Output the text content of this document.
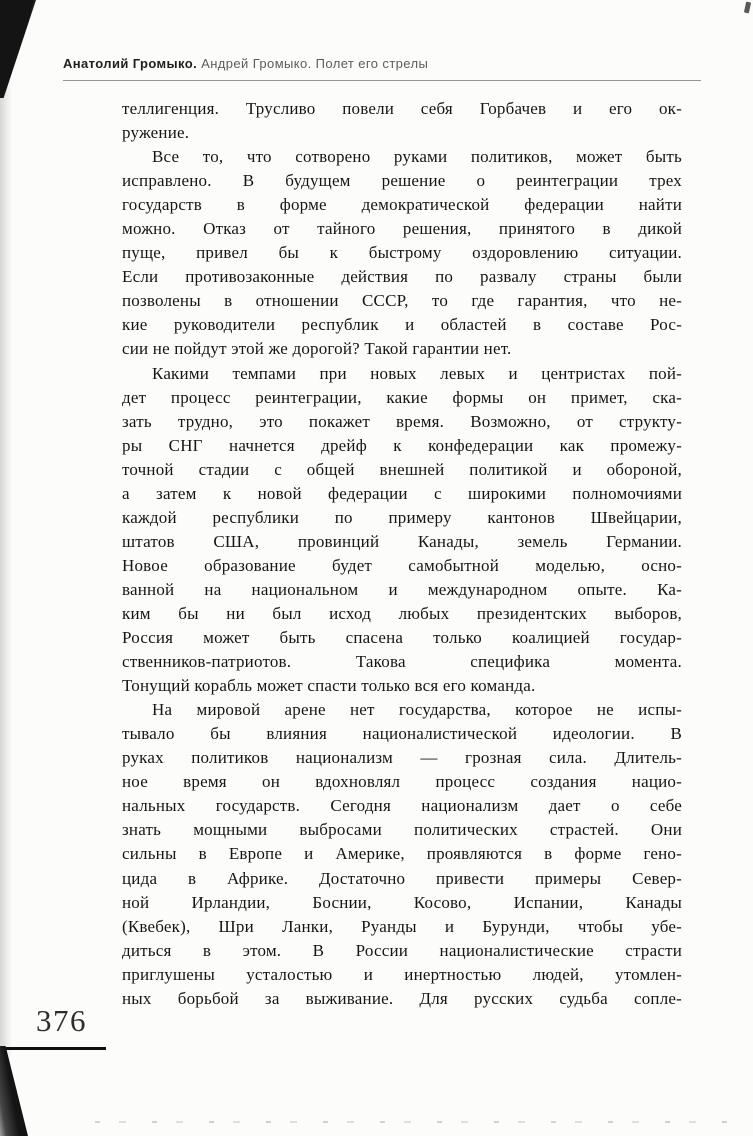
Анатолий Громыко. Андрей Громыко. Полет его стрелы
теллигенция. Трусливо повели себя Горбачев и его ок-
ружение.
Все то, что сотворено руками политиков, может быть
исправлено. В будущем решение о реинтеграции трех
государств в форме демократической федерации найти
можно. Отказ от тайного решения, принятого в дикой
пуще, привел бы к быстрому оздоровлению ситуации.
Если противозаконные действия по развалу страны были
позволены в отношении СССР, то где гарантия, что не-
кие руководители республик и областей в составе Рос-
сии не пойдут этой же дорогой? Такой гарантии нет.
Какими темпами при новых левых и центристах пой-
дет процесс реинтеграции, какие формы он примет, ска-
зать трудно, это покажет время. Возможно, от структу-
ры СНГ начнется дрейф к конфедерации как промежу-
точной стадии с общей внешней политикой и обороной,
а затем к новой федерации с широкими полномочиями
каждой республики по примеру кантонов Швейцарии,
штатов США, провинций Канады, земель Германии.
Новое образование будет самобытной моделью, осно-
ванной на национальном и международном опыте. Ка-
ким бы ни был исход любых президентских выборов,
Россия может быть спасена только коалицией государ-
ственников-патриотов. Такова специфика момента.
Тонущий корабль может спасти только вся его команда.
На мировой арене нет государства, которое не испы-
тывало бы влияния националистической идеологии. В
руках политиков национализм — грозная сила. Длитель-
ное время он вдохновлял процесс создания нацио-
нальных государств. Сегодня национализм дает о себе
знать мощными выбросами политических страстей. Они
сильны в Европе и Америке, проявляются в форме гено-
цида в Африке. Достаточно привести примеры Север-
ной Ирландии, Боснии, Косово, Испании, Канады
(Квебек), Шри Ланки, Руанды и Бурунди, чтобы убе-
диться в этом. В России националистические страсти
приглушены усталостью и инертностью людей, утомлен-
ных борьбой за выживание. Для русских судьба сопле-
376
